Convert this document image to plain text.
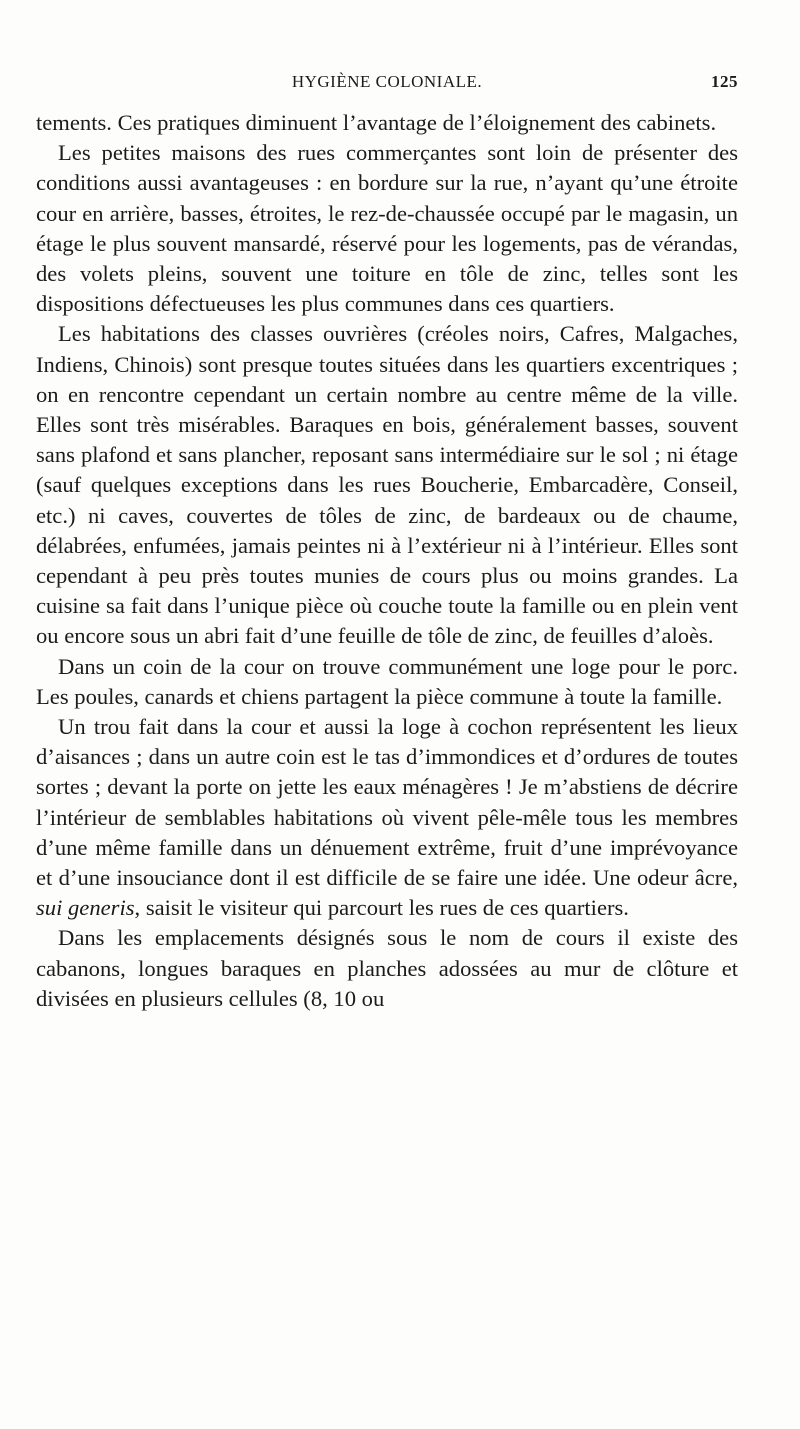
HYGIÈNE COLONIALE.	125

tements. Ces pratiques diminuent l’avantage de l’éloignement des cabinets.

Les petites maisons des rues commerçantes sont loin de présenter des conditions aussi avantageuses : en bordure sur la rue, n’ayant qu’une étroite cour en arrière, basses, étroites, le rez-de-chaussée occupé par le magasin, un étage le plus souvent mansardé, réservé pour les logements, pas de vérandas, des volets pleins, souvent une toiture en tôle de zinc, telles sont les dispositions défectueuses les plus communes dans ces quartiers.

Les habitations des classes ouvrières (créoles noirs, Cafres, Malgaches, Indiens, Chinois) sont presque toutes situées dans les quartiers excentriques ; on en rencontre cependant un certain nombre au centre même de la ville. Elles sont très misérables. Baraques en bois, généralement basses, souvent sans plafond et sans plancher, reposant sans intermédiaire sur le sol ; ni étage (sauf quelques exceptions dans les rues Boucherie, Embarcadère, Conseil, etc.) ni caves, couvertes de tôles de zinc, de bardeaux ou de chaume, délabrées, enfumées, jamais peintes ni à l’extérieur ni à l’intérieur. Elles sont cependant à peu près toutes munies de cours plus ou moins grandes. La cuisine sa fait dans l’unique pièce où couche toute la famille ou en plein vent ou encore sous un abri fait d’une feuille de tôle de zinc, de feuilles d’aloès.

Dans un coin de la cour on trouve communément une loge pour le porc. Les poules, canards et chiens partagent la pièce commune à toute la famille.

Un trou fait dans la cour et aussi la loge à cochon représentent les lieux d’aisances ; dans un autre coin est le tas d’immondices et d’ordures de toutes sortes ; devant la porte on jette les eaux ménagères ! Je m’abstiens de décrire l’intérieur de semblables habitations où vivent pêle-mêle tous les membres d’une même famille dans un dénuement extrême, fruit d’une imprévoyance et d’une insouciance dont il est difficile de se faire une idée. Une odeur âcre, sui generis, saisit le visiteur qui parcourt les rues de ces quartiers.

Dans les emplacements désignés sous le nom de cours il existe des cabanons, longues baraques en planches adossées au mur de clôture et divisées en plusieurs cellules (8, 10 ou
